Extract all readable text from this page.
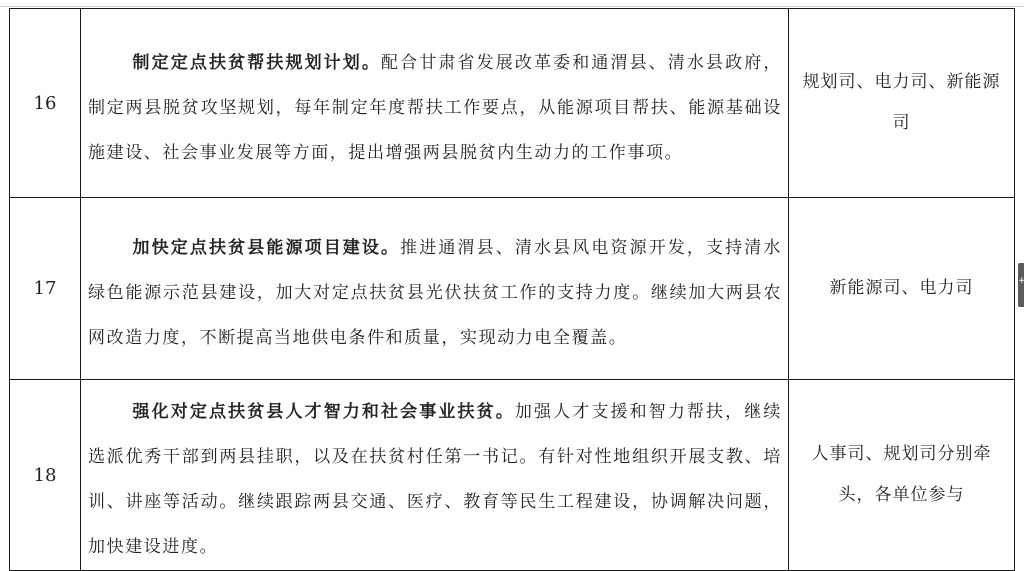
16	制定定点扶贫帮扶规划计划。配合甘肃省发展改革委和通渭县、清水县政府，制定两县脱贫攻坚规划，每年制定年度帮扶工作要点，从能源项目帮扶、能源基础设施建设、社会事业发展等方面，提出增强两县脱贫内生动力的工作事项。	规划司、电力司、新能源司

17	加快定点扶贫县能源项目建设。推进通渭县、清水县风电资源开发，支持清水绿色能源示范县建设，加大对定点扶贫县光伏扶贫工作的支持力度。继续加大两县农网改造力度，不断提高当地供电条件和质量，实现动力电全覆盖。	新能源司、电力司

18	强化对定点扶贫县人才智力和社会事业扶贫。加强人才支援和智力帮扶，继续选派优秀干部到两县挂职，以及在扶贫村任第一书记。有针对性地组织开展支教、培训、讲座等活动。继续跟踪两县交通、医疗、教育等民生工程建设，协调解决问题，加快建设进度。	人事司、规划司分别牵头，各单位参与
+
